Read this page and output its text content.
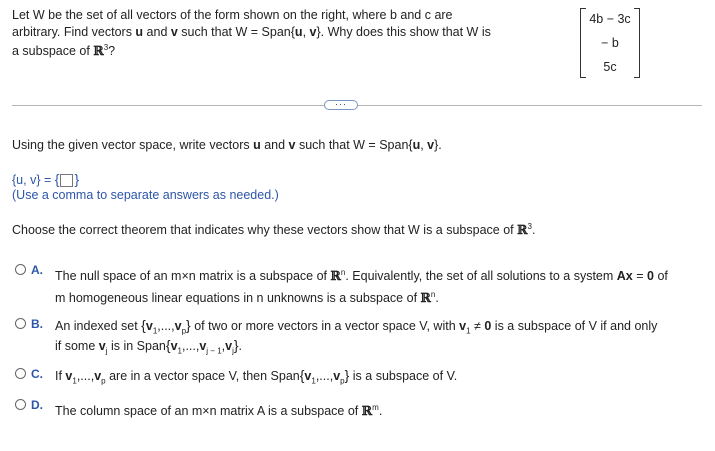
Let W be the set of all vectors of the form shown on the right, where b and c are
arbitrary. Find vectors u and v such that W = Span{u, v}. Why does this show that W is
a subspace of ℝ$^3$?
4b − 3c
− b
5c
···
Using the given vector space, write vectors u and v such that W = Span{u, v}.
{u, v} = { }
(Use a comma to separate answers as needed.)
Choose the correct theorem that indicates why these vectors show that W is a subspace of ℝ$^3$.
A. The null space of an m×n matrix is a subspace of ℝ$^n$. Equivalently, the set of all solutions to a system Ax = 0 of
m homogeneous linear equations in n unknowns is a subspace of ℝ$^n$.
B. An indexed set $\{v_1,...,v_p\}$ of two or more vectors in a vector space V, with $v_1 \ne 0$ is a subspace of V if and only
if some $v_j$ is in $Span\{v_1,...,v_{j - 1},v_j\}$.
C. If $v_1,...,v_p$ are in a vector space V, then $Span\{v_1,...,v_p\}$ is a subspace of V.
D. The column space of an m×n matrix A is a subspace of ℝ$^m$.
